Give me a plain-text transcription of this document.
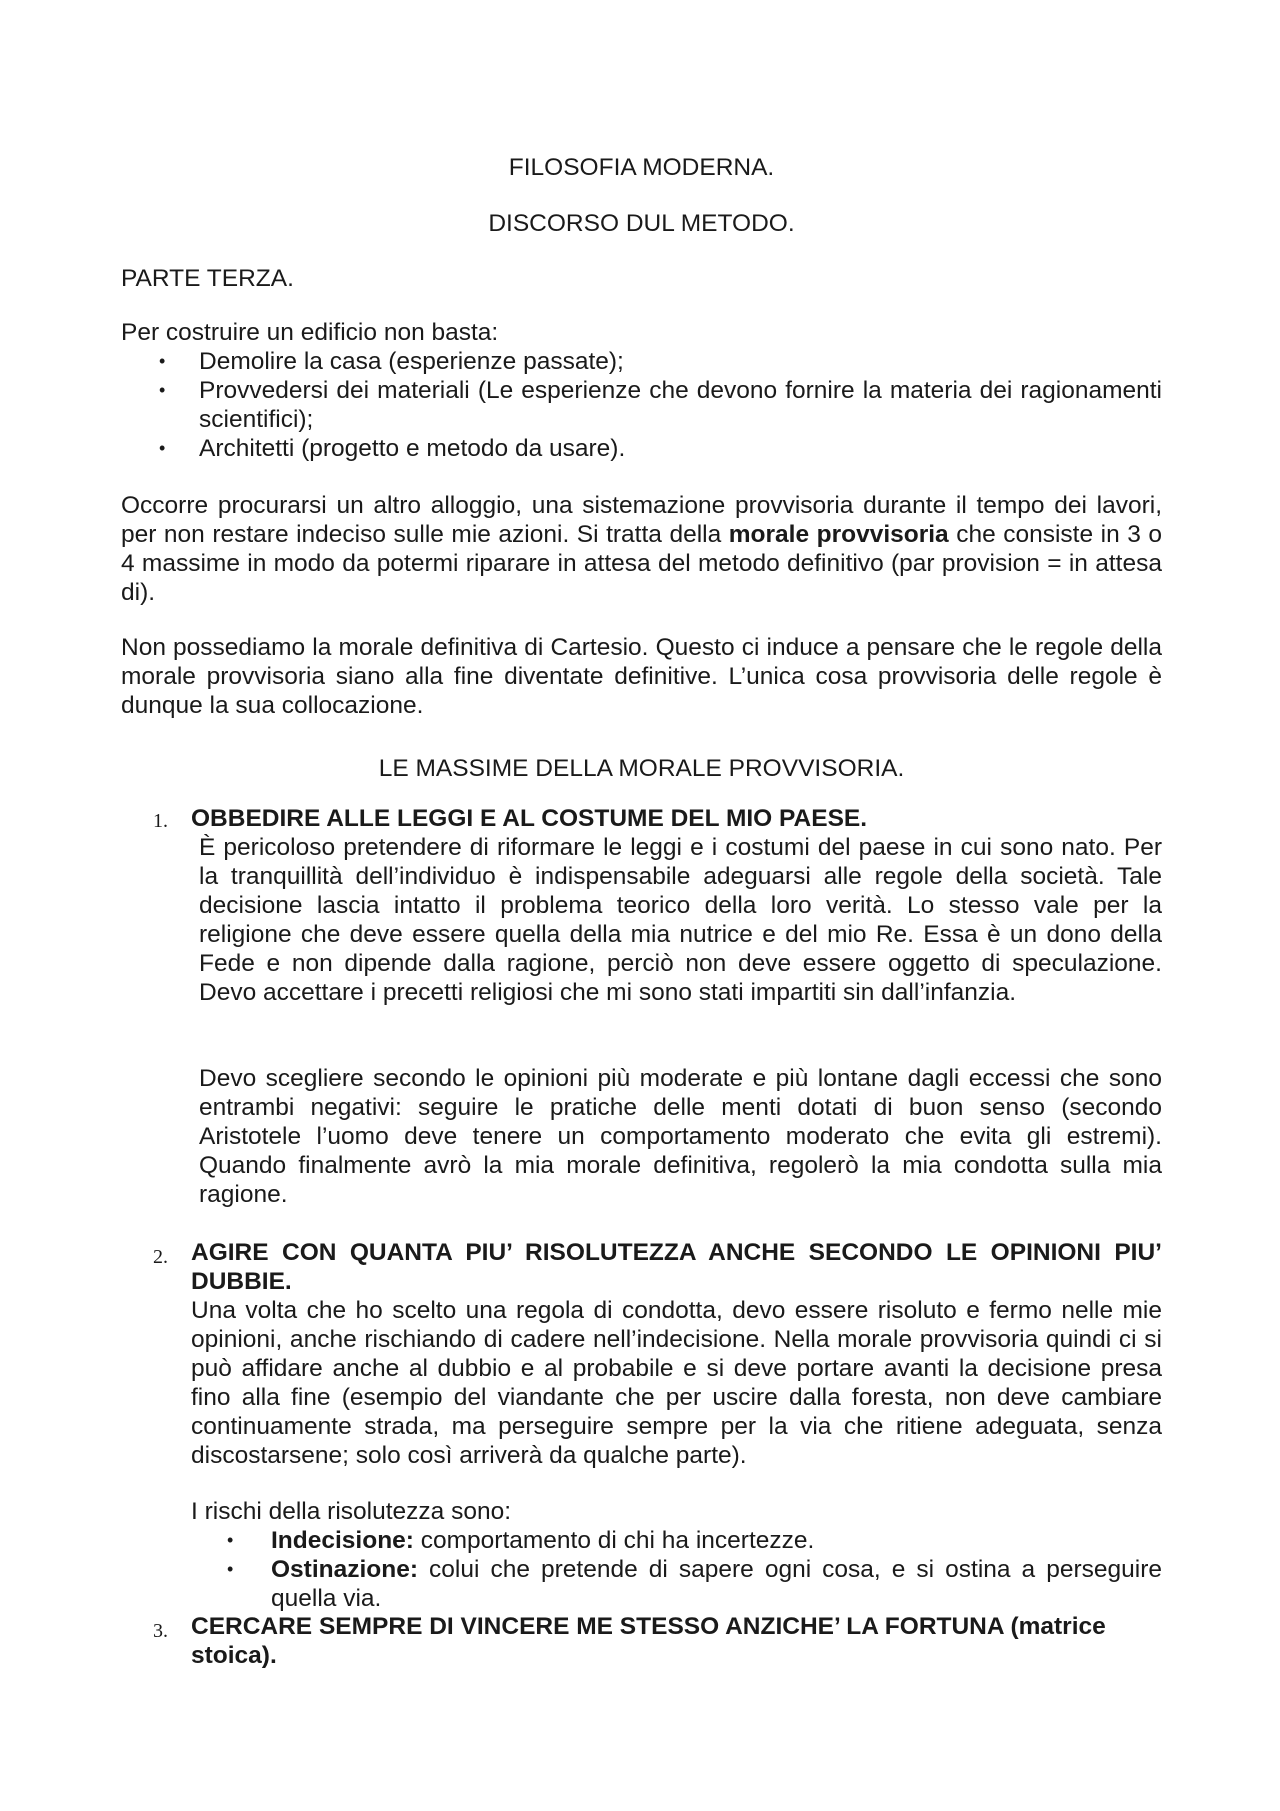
FILOSOFIA MODERNA.
DISCORSO DUL METODO.
PARTE TERZA.
Per costruire un edificio non basta:
• Demolire la casa (esperienze passate);
• Provvedersi dei materiali (Le esperienze che devono fornire la materia dei ragionamenti scientifici);
• Architetti (progetto e metodo da usare).

Occorre procurarsi un altro alloggio, una sistemazione provvisoria durante il tempo dei lavori, per non restare indeciso sulle mie azioni. Si tratta della morale provvisoria che consiste in 3 o 4 massime in modo da potermi riparare in attesa del metodo definitivo (par provision = in attesa di).

Non possediamo la morale definitiva di Cartesio. Questo ci induce a pensare che le regole della morale provvisoria siano alla fine diventate definitive. L’unica cosa provvisoria delle regole è dunque la sua collocazione.

LE MASSIME DELLA MORALE PROVVISORIA.
1. OBBEDIRE ALLE LEGGI E AL COSTUME DEL MIO PAESE.

È pericoloso pretendere di riformare le leggi e i costumi del paese in cui sono nato. Per la tranquillità dell’individuo è indispensabile adeguarsi alle regole della società. Tale decisione lascia intatto il problema teorico della loro verità. Lo stesso vale per la religione che deve essere quella della mia nutrice e del mio Re. Essa è un dono della Fede e non dipende dalla ragione, perciò non deve essere oggetto di speculazione. Devo accettare i precetti religiosi che mi sono stati impartiti sin dall’infanzia.

Devo scegliere secondo le opinioni più moderate e più lontane dagli eccessi che sono entrambi negativi: seguire le pratiche delle menti dotati di buon senso (secondo Aristotele l’uomo deve tenere un comportamento moderato che evita gli estremi). Quando finalmente avrò la mia morale definitiva, regolerò la mia condotta sulla mia ragione.

2. AGIRE CON QUANTA PIU’ RISOLUTEZZA ANCHE SECONDO LE OPINIONI PIU’ DUBBIE.

Una volta che ho scelto una regola di condotta, devo essere risoluto e fermo nelle mie opinioni, anche rischiando di cadere nell’indecisione. Nella morale provvisoria quindi ci si può affidare anche al dubbio e al probabile e si deve portare avanti la decisione presa fino alla fine (esempio del viandante che per uscire dalla foresta, non deve cambiare continuamente strada, ma perseguire sempre per la via che ritiene adeguata, senza discostarsene; solo così arriverà da qualche parte).

I rischi della risolutezza sono:

• Indecisione: comportamento di chi ha incertezze.
• Ostinazione: colui che pretende di sapere ogni cosa, e si ostina a perseguire quella via.
3. CERCARE SEMPRE DI VINCERE ME STESSO ANZICHE’ LA FORTUNA (matrice stoica).
